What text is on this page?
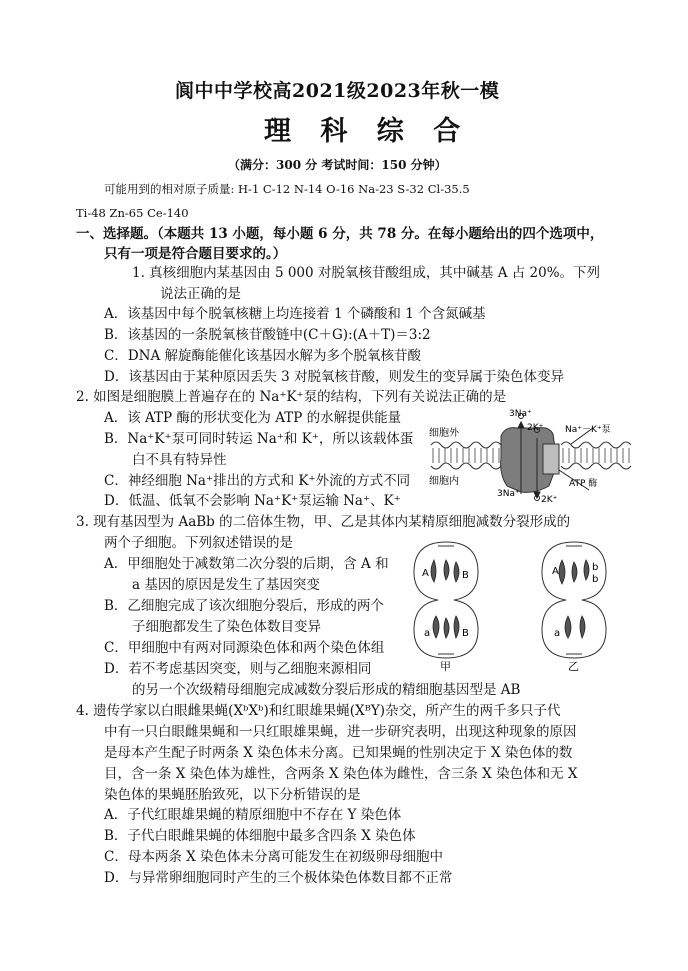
阆中中学校高2021级2023年秋一模
理 科 综 合
（满分：300 分 考试时间：150 分钟）
可能用到的相对原子质量: H-1 C-12 N-14 O-16 Na-23 S-32 Cl-35.5
Ti-48 Zn-65 Ce-140
一、选择题。（本题共 13 小题，每小题 6 分，共 78 分。在每小题给出的四个选项中，
只有一项是符合题目要求的。）
1. 真核细胞内某基因由 5 000 对脱氧核苷酸组成，其中碱基 A 占 20%。下列
说法正确的是
A．该基因中每个脱氧核糖上均连接着 1 个磷酸和 1 个含氮碱基
B．该基因的一条脱氧核苷酸链中(C＋G):(A＋T)＝3:2
C．DNA 解旋酶能催化该基因水解为多个脱氧核苷酸
D．该基因由于某种原因丢失 3 对脱氧核苷酸，则发生的变异属于染色体变异
2. 如图是细胞膜上普遍存在的 Na⁺K⁺泵的结构，下列有关说法正确的是
A．该 ATP 酶的形状变化为 ATP 的水解提供能量
B．Na⁺K⁺泵可同时转运 Na⁺和 K⁺，所以该载体蛋
白不具有特异性
C．神经细胞 Na⁺排出的方式和 K⁺外流的方式不同
D．低温、低氧不会影响 Na⁺K⁺泵运输 Na⁺、K⁺
3Na⁺
2K⁺ Na⁺－K⁺泵
细胞外
细胞内	ATP 酶
3Na⁺
2K⁺
3. 现有基因型为 AaBb 的二倍体生物，甲、乙是其体内某精原细胞减数分裂形成的
两个子细胞。下列叙述错误的是
A．甲细胞处于减数第二次分裂的后期，含 A 和
a 基因的原因是发生了基因突变
B．乙细胞完成了该次细胞分裂后，形成的两个
子细胞都发生了染色体数目变异
C．甲细胞中有两对同源染色体和两个染色体组
D．若不考虑基因突变，则与乙细胞来源相同
的另一个次级精母细胞完成减数分裂后形成的精细胞基因型是 AB
A	B
a	B
A	b
b
a
甲	乙
4. 遗传学家以白眼雌果蝇(XᵇXᵇ)和红眼雄果蝇(XᴮY)杂交，所产生的两千多只子代
中有一只白眼雌果蝇和一只红眼雄果蝇，进一步研究表明，出现这种现象的原因
是母本产生配子时两条 X 染色体未分离。已知果蝇的性别决定于 X 染色体的数
目，含一条 X 染色体为雄性，含两条 X 染色体为雌性，含三条 X 染色体和无 X
染色体的果蝇胚胎致死，以下分析错误的是
A．子代红眼雄果蝇的精原细胞中不存在 Y 染色体
B．子代白眼雌果蝇的体细胞中最多含四条 X 染色体
C．母本两条 X 染色体未分离可能发生在初级卵母细胞中
D．与异常卵细胞同时产生的三个极体染色体数目都不正常
